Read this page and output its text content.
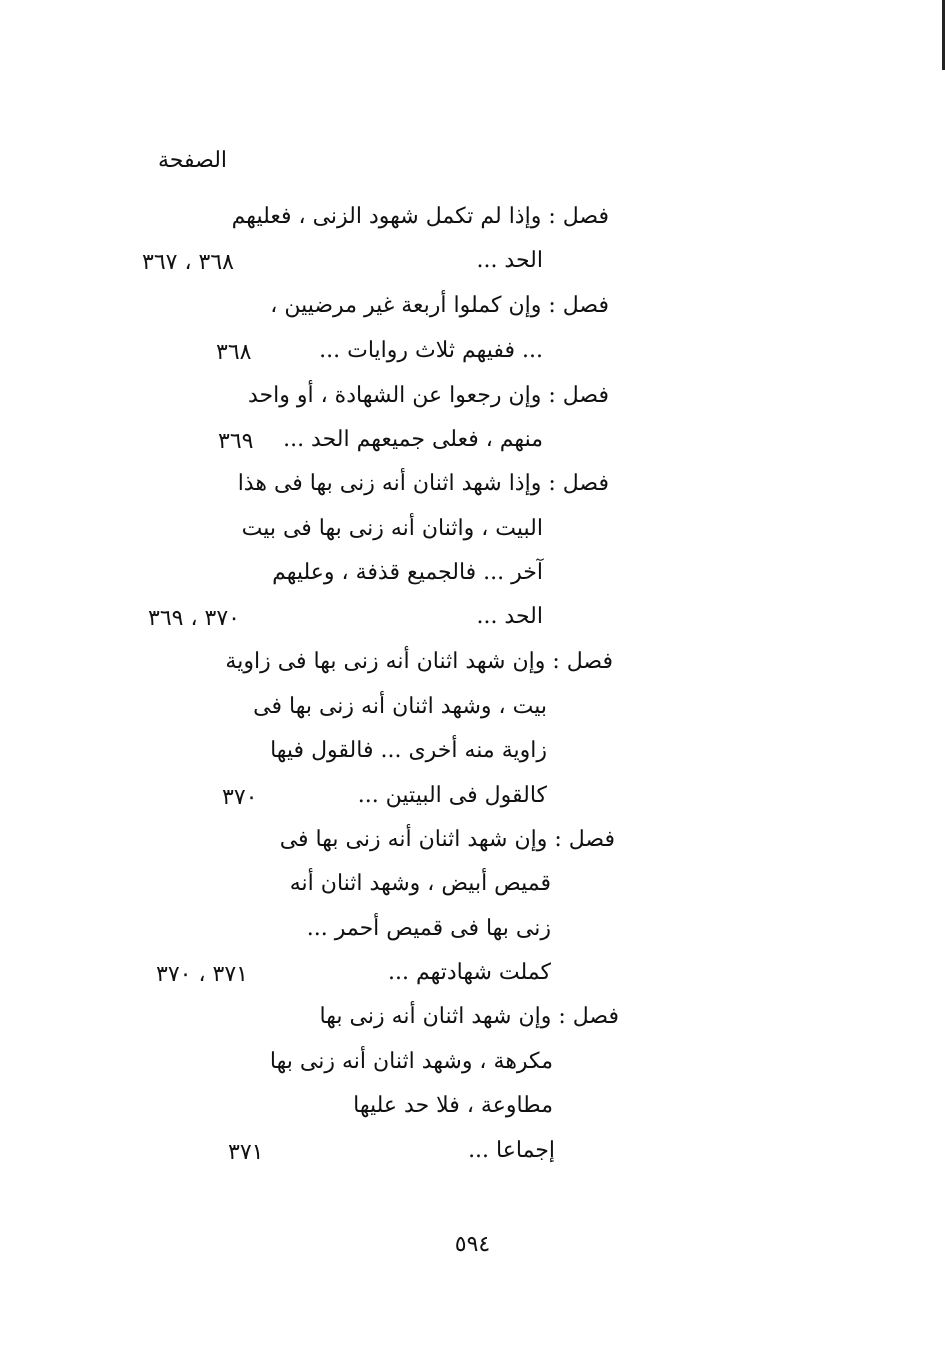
الصفحة
فصل : وإذا لم تكمل شهود الزنى ، فعليهم
الحد ...
٣٦٨ ، ٣٦٧
فصل : وإن كملوا أربعة غير مرضيين ،
... ففيهم ثلاث روايات ...
٣٦٨
فصل : وإن رجعوا عن الشهادة ، أو واحد
منهم ، فعلى جميعهم الحد ...
٣٦٩
فصل : وإذا شهد اثنان أنه زنى بها فى هذا
البيت ، واثنان أنه زنى بها فى بيت
آخر ... فالجميع قذفة ، وعليهم
الحد ...
٣٧٠ ، ٣٦٩
فصل : وإن شهد اثنان أنه زنى بها فى زاوية
بيت ، وشهد اثنان أنه زنى بها فى
زاوية منه أخرى ... فالقول فيها
كالقول فى البيتين ...
٣٧٠
فصل : وإن شهد اثنان أنه زنى بها فى
قميص أبيض ، وشهد اثنان أنه
زنى بها فى قميص أحمر ...
كملت شهادتهم ...
٣٧١ ، ٣٧٠
فصل : وإن شهد اثنان أنه زنى بها
مكرهة ، وشهد اثنان أنه زنى بها
مطاوعة ، فلا حد عليها
إجماعا ...
٣٧١
٥٩٤
